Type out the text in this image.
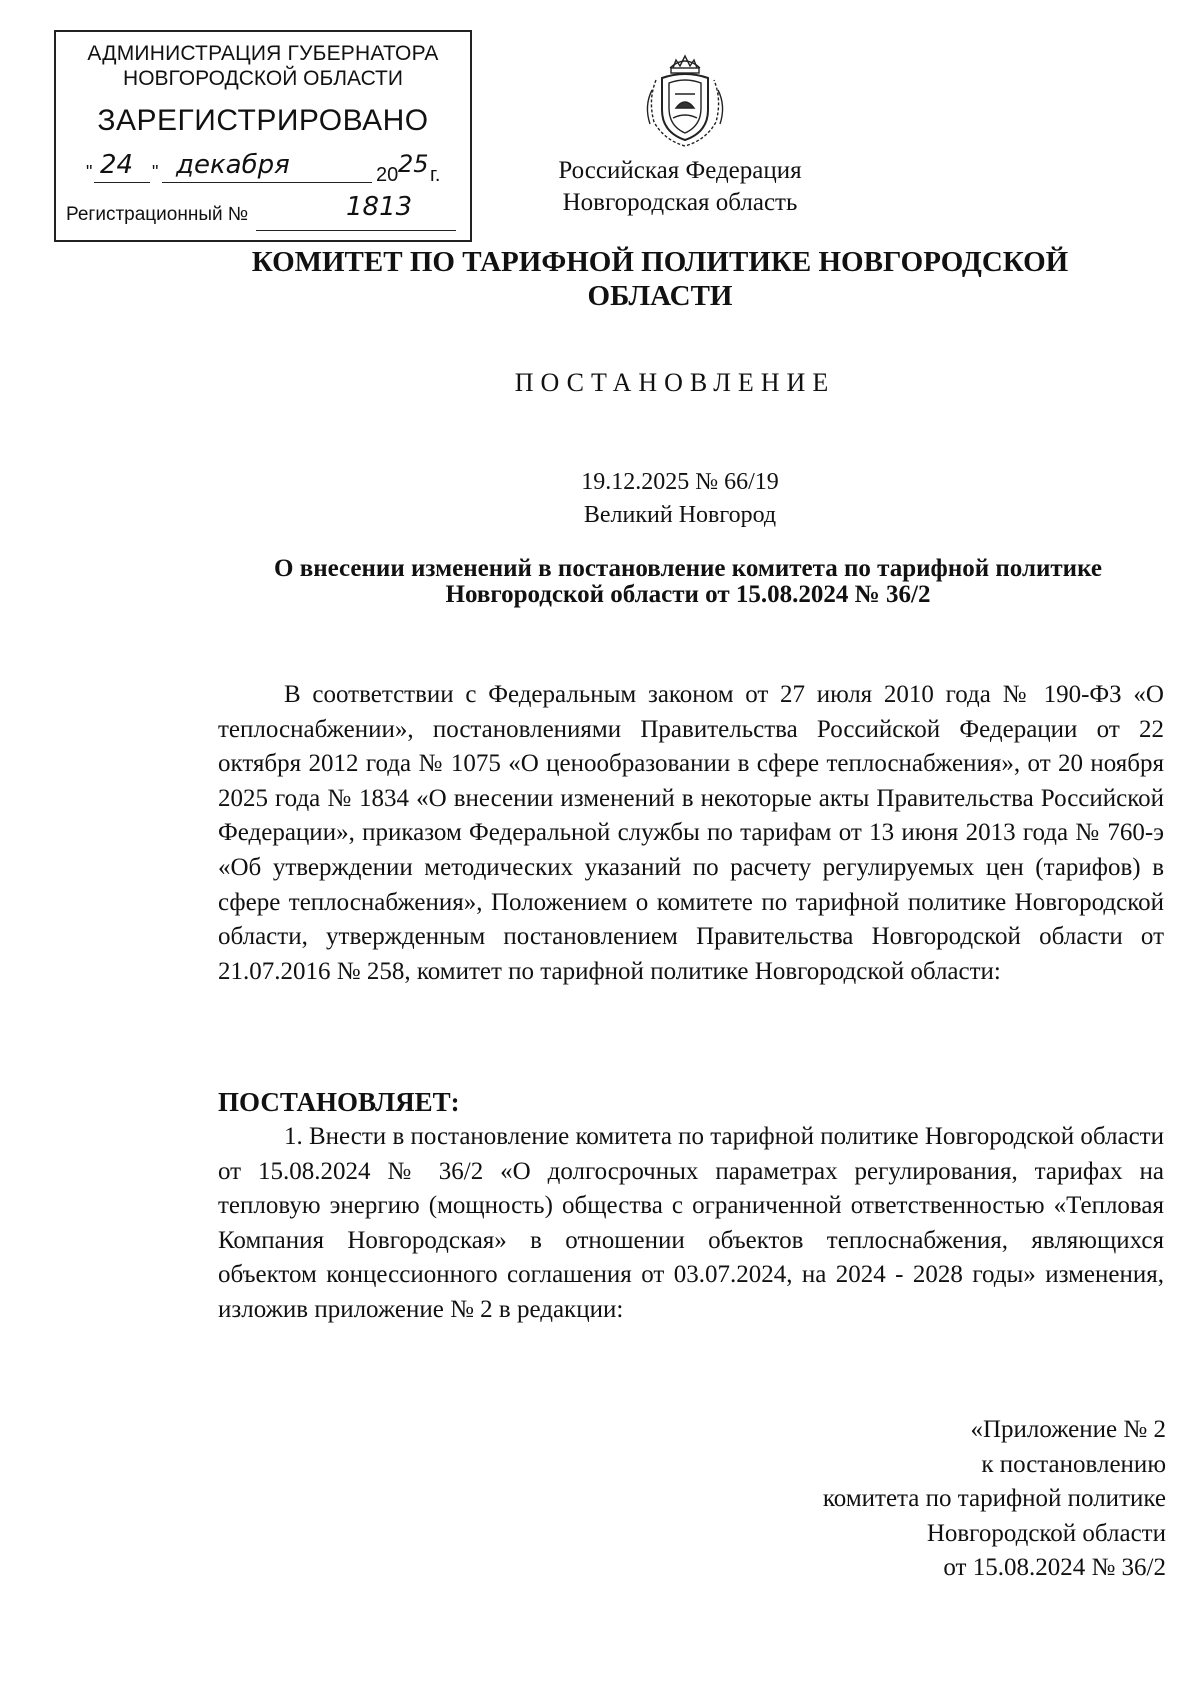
АДМИНИСТРАЦИЯ ГУБЕРНАТОРА
НОВГОРОДСКОЙ ОБЛАСТИ
ЗАРЕГИСТРИРОВАНО
" 24 " декабря	20 25 г.
Регистрационный №	1813
Российская Федерация
Новгородская область
КОМИТЕТ ПО ТАРИФНОЙ ПОЛИТИКЕ НОВГОРОДСКОЙ ОБЛАСТИ
ПОСТАНОВЛЕНИЕ
19.12.2025 № 66/19
Великий Новгород
О внесении изменений в постановление комитета по тарифной политике Новгородской области от 15.08.2024 № 36/2
В соответствии с Федеральным законом от 27 июля 2010 года № 190-ФЗ «О теплоснабжении», постановлениями Правительства Российской Федерации от 22 октября 2012 года № 1075 «О ценообразовании в сфере теплоснабжения», от 20 ноября 2025 года № 1834 «О внесении изменений в некоторые акты Правительства Российской Федерации», приказом Федеральной службы по тарифам от 13 июня 2013 года № 760-э «Об утверждении методических указаний по расчету регулируемых цен (тарифов) в сфере теплоснабжения», Положением о комитете по тарифной политике Новгородской области, утвержденным постановлением Правительства Новгородской области от 21.07.2016 № 258, комитет по тарифной политике Новгородской области:
ПОСТАНОВЛЯЕТ:
1. Внести в постановление комитета по тарифной политике Новгородской области от 15.08.2024 № 36/2 «О долгосрочных параметрах регулирования, тарифах на тепловую энергию (мощность) общества с ограниченной ответственностью «Тепловая Компания Новгородская» в отношении объектов теплоснабжения, являющихся объектом концессионного соглашения от 03.07.2024, на 2024 - 2028 годы» изменения, изложив приложение № 2 в редакции:
«Приложение № 2
к постановлению
комитета по тарифной политике
Новгородской области
от 15.08.2024 № 36/2
